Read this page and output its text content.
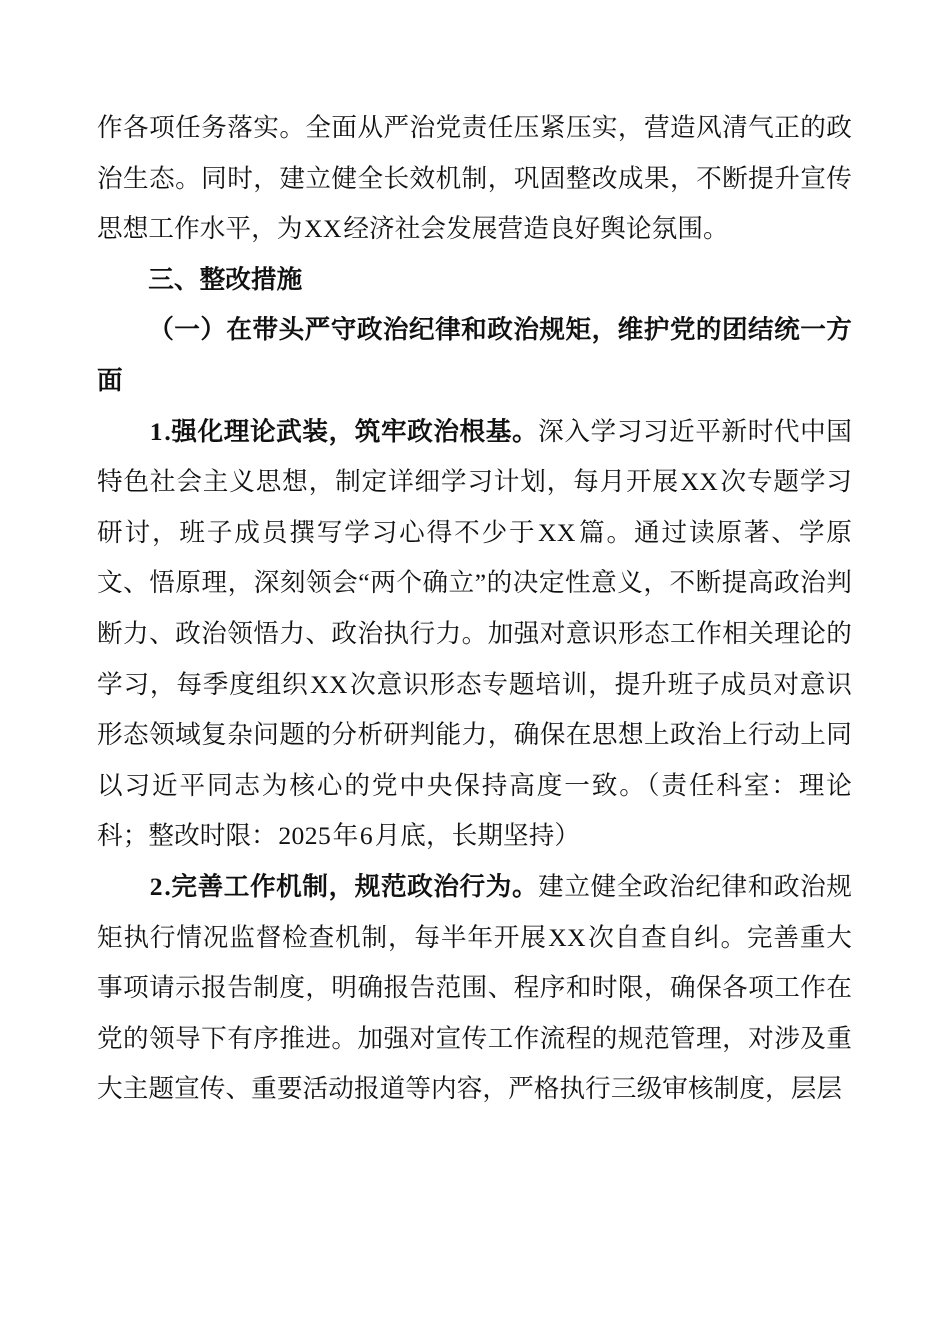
作各项任务落实。全面从严治党责任压紧压实，营造风清气正的政治生态。同时，建立健全长效机制，巩固整改成果，不断提升宣传思想工作水平，为XX经济社会发展营造良好舆论氛围。

三、整改措施

（一）在带头严守政治纪律和政治规矩，维护党的团结统一方面

1.强化理论武装，筑牢政治根基。深入学习习近平新时代中国特色社会主义思想，制定详细学习计划，每月开展XX次专题学习研讨，班子成员撰写学习心得不少于XX篇。通过读原著、学原文、悟原理，深刻领会“两个确立”的决定性意义，不断提高政治判断力、政治领悟力、政治执行力。加强对意识形态工作相关理论的学习，每季度组织XX次意识形态专题培训，提升班子成员对意识形态领域复杂问题的分析研判能力，确保在思想上政治上行动上同以习近平同志为核心的党中央保持高度一致。（责任科室：理论科；整改时限：2025年6月底，长期坚持）

2.完善工作机制，规范政治行为。建立健全政治纪律和政治规矩执行情况监督检查机制，每半年开展XX次自查自纠。完善重大事项请示报告制度，明确报告范围、程序和时限，确保各项工作在党的领导下有序推进。加强对宣传工作流程的规范管理，对涉及重大主题宣传、重要活动报道等内容，严格执行三级审核制度，层层
